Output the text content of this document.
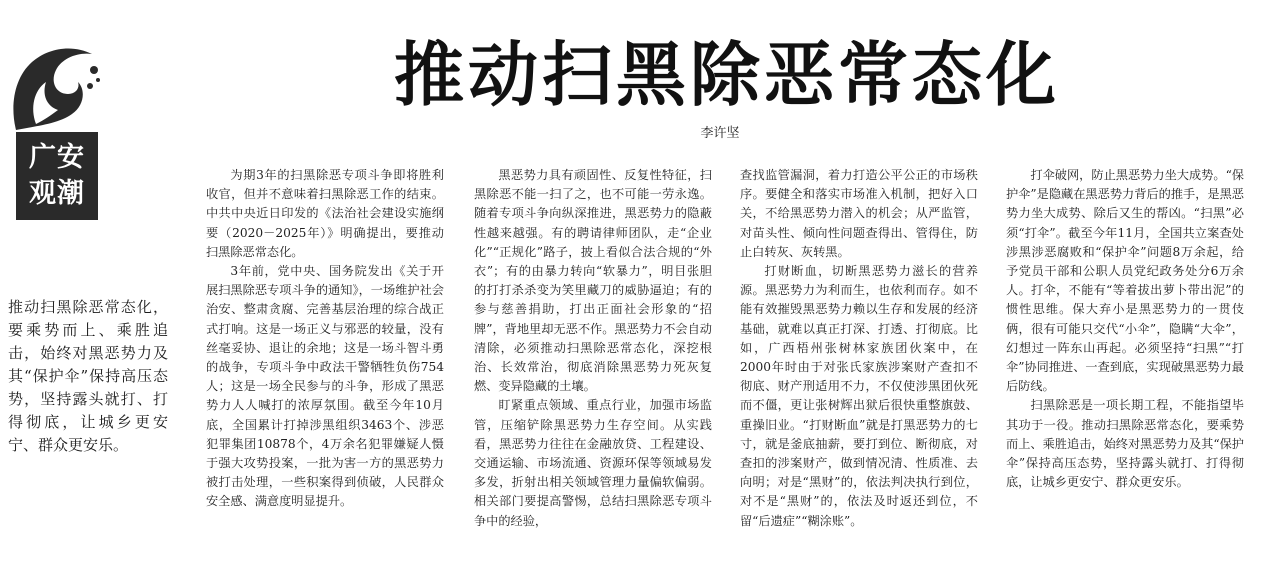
广安
观潮
推动扫黑除恶常态化
李许坚

推动扫黑除恶常态化，要乘势而上、乘胜追击，始终对黑恶势力及其“保护伞”保持高压态势，坚持露头就打、打得彻底，让城乡更安宁、群众更安乐。

为期3年的扫黑除恶专项斗争即将胜利收官，但并不意味着扫黑除恶工作的结束。中共中央近日印发的《法治社会建设实施纲要（2020－2025年）》明确提出，要推动扫黑除恶常态化。

3年前，党中央、国务院发出《关于开展扫黑除恶专项斗争的通知》，一场维护社会治安、整肃贪腐、完善基层治理的综合战正式打响。这是一场正义与邪恶的较量，没有丝毫妥协、退让的余地；这是一场斗智斗勇的战争，专项斗争中政法干警牺牲负伤754人；这是一场全民参与的斗争，形成了黑恶势力人人喊打的浓厚氛围。截至今年10月底，全国累计打掉涉黑组织3463个、涉恶犯罪集团10878个，4万余名犯罪嫌疑人慑于强大攻势投案，一批为害一方的黑恶势力被打击处理，一些积案得到侦破，人民群众安全感、满意度明显提升。

黑恶势力具有顽固性、反复性特征，扫黑除恶不能一扫了之，也不可能一劳永逸。随着专项斗争向纵深推进，黑恶势力的隐蔽性越来越强。有的聘请律师团队，走“企业化”“正规化”路子，披上看似合法合规的“外衣”；有的由暴力转向“软暴力”，明目张胆的打打杀杀变为笑里藏刀的威胁逼迫；有的参与慈善捐助，打出正面社会形象的“招牌”，背地里却无恶不作。黑恶势力不会自动清除，必须推动扫黑除恶常态化，深挖根治、长效常治，彻底消除黑恶势力死灰复燃、变异隐藏的土壤。

盯紧重点领域、重点行业，加强市场监管，压缩铲除黑恶势力生存空间。从实践看，黑恶势力往往在金融放贷、工程建设、交通运输、市场流通、资源环保等领域易发多发，折射出相关领域管理力量偏软偏弱。相关部门要提高警惕，总结扫黑除恶专项斗争中的经验，

查找监管漏洞，着力打造公平公正的市场秩序。要健全和落实市场准入机制，把好入口关，不给黑恶势力潜入的机会；从严监管，对苗头性、倾向性问题查得出、管得住，防止白转灰、灰转黑。

打财断血，切断黑恶势力滋长的营养源。黑恶势力为利而生，也依利而存。如不能有效摧毁黑恶势力赖以生存和发展的经济基础，就难以真正打深、打透、打彻底。比如，广西梧州张树林家族团伙案中，在2000年时由于对张氏家族涉案财产查扣不彻底、财产刑适用不力，不仅使涉黑团伙死而不僵，更让张树辉出狱后很快重整旗鼓、重操旧业。“打财断血”就是打黑恶势力的七寸，就是釜底抽薪，要打到位、断彻底，对查扣的涉案财产，做到情况清、性质准、去向明；对是“黑财”的，依法判决执行到位，对不是“黑财”的，依法及时返还到位，不留“后遗症”“糊涂账”。

打伞破网，防止黑恶势力坐大成势。“保护伞”是隐藏在黑恶势力背后的推手，是黑恶势力坐大成势、除后又生的帮凶。“扫黑”必须“打伞”。截至今年11月，全国共立案查处涉黑涉恶腐败和“保护伞”问题8万余起，给予党员干部和公职人员党纪政务处分6万余人。打伞，不能有“等着拔出萝卜带出泥”的惯性思维。保大弃小是黑恶势力的一贯伎俩，很有可能只交代“小伞”，隐瞒“大伞”，幻想过一阵东山再起。必须坚持“扫黑”“打伞”协同推进、一查到底，实现破黑恶势力最后防线。

扫黑除恶是一项长期工程，不能指望毕其功于一役。推动扫黑除恶常态化，要乘势而上、乘胜追击，始终对黑恶势力及其“保护伞”保持高压态势，坚持露头就打、打得彻底，让城乡更安宁、群众更安乐。
